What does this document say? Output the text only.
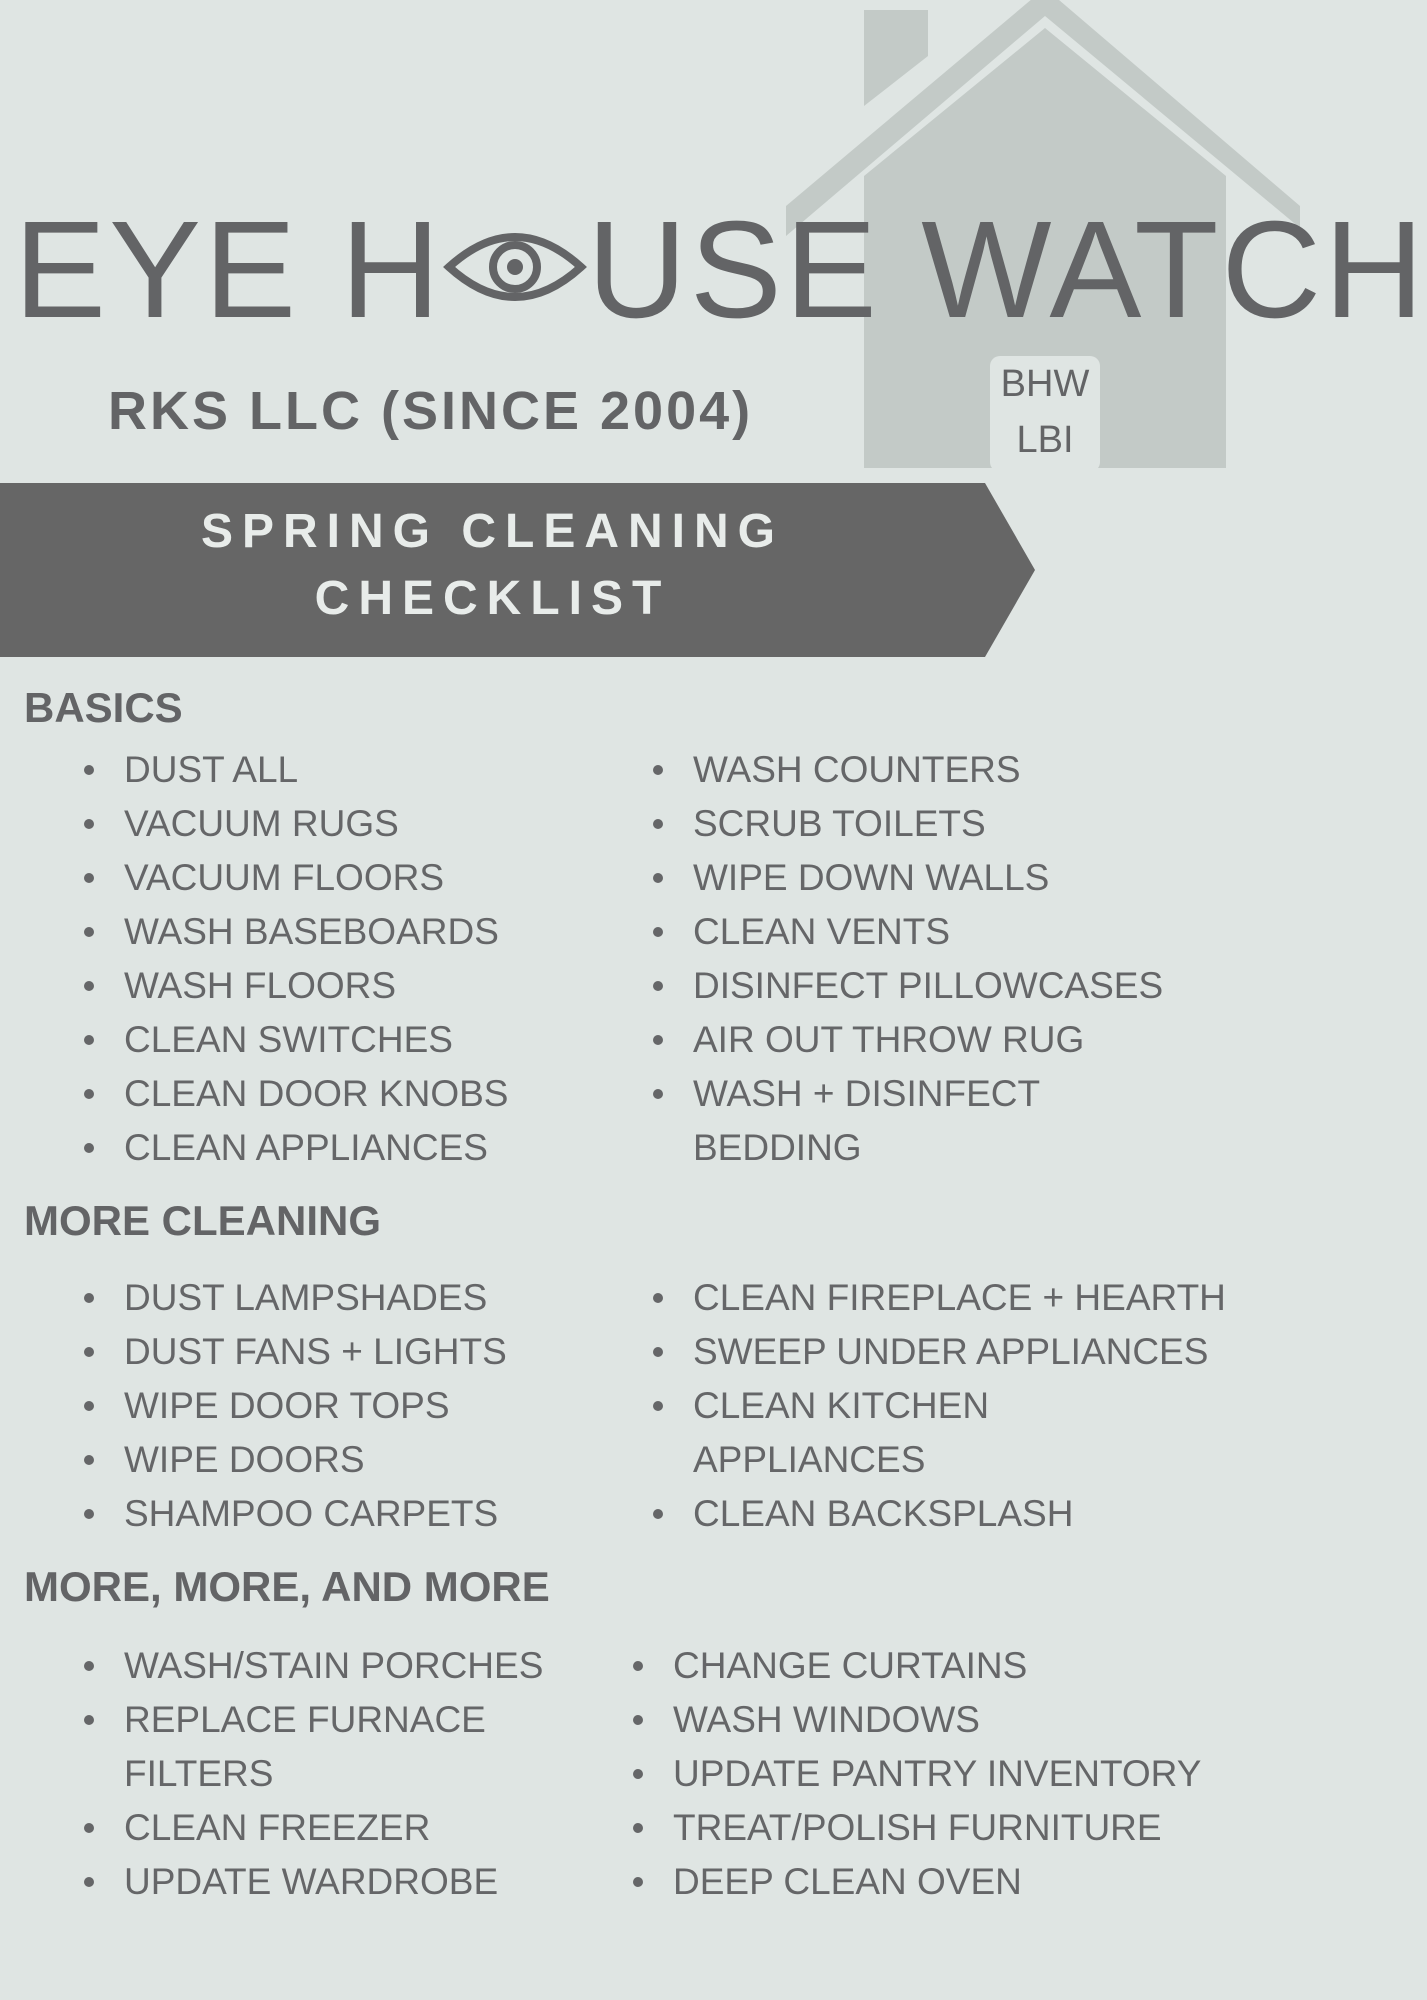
EYE H USE WATCH
RKS LLC (SINCE 2004)	BHW
LBI
SPRING CLEANING
CHECKLIST
BASICS
DUST ALL
VACUUM RUGS
VACUUM FLOORS
WASH BASEBOARDS
WASH FLOORS
CLEAN SWITCHES
CLEAN DOOR KNOBS
CLEAN APPLIANCES
WASH COUNTERS
SCRUB TOILETS
WIPE DOWN WALLS
CLEAN VENTS
DISINFECT PILLOWCASES
AIR OUT THROW RUG
WASH + DISINFECT
BEDDING
MORE CLEANING
DUST LAMPSHADES
DUST FANS + LIGHTS
WIPE DOOR TOPS
WIPE DOORS
SHAMPOO CARPETS
CLEAN FIREPLACE + HEARTH
SWEEP UNDER APPLIANCES
CLEAN KITCHEN
APPLIANCES
CLEAN BACKSPLASH
MORE, MORE, AND MORE
WASH/STAIN PORCHES
REPLACE FURNACE
FILTERS
CLEAN FREEZER
UPDATE WARDROBE
CHANGE CURTAINS
WASH WINDOWS
UPDATE PANTRY INVENTORY
TREAT/POLISH FURNITURE
DEEP CLEAN OVEN
